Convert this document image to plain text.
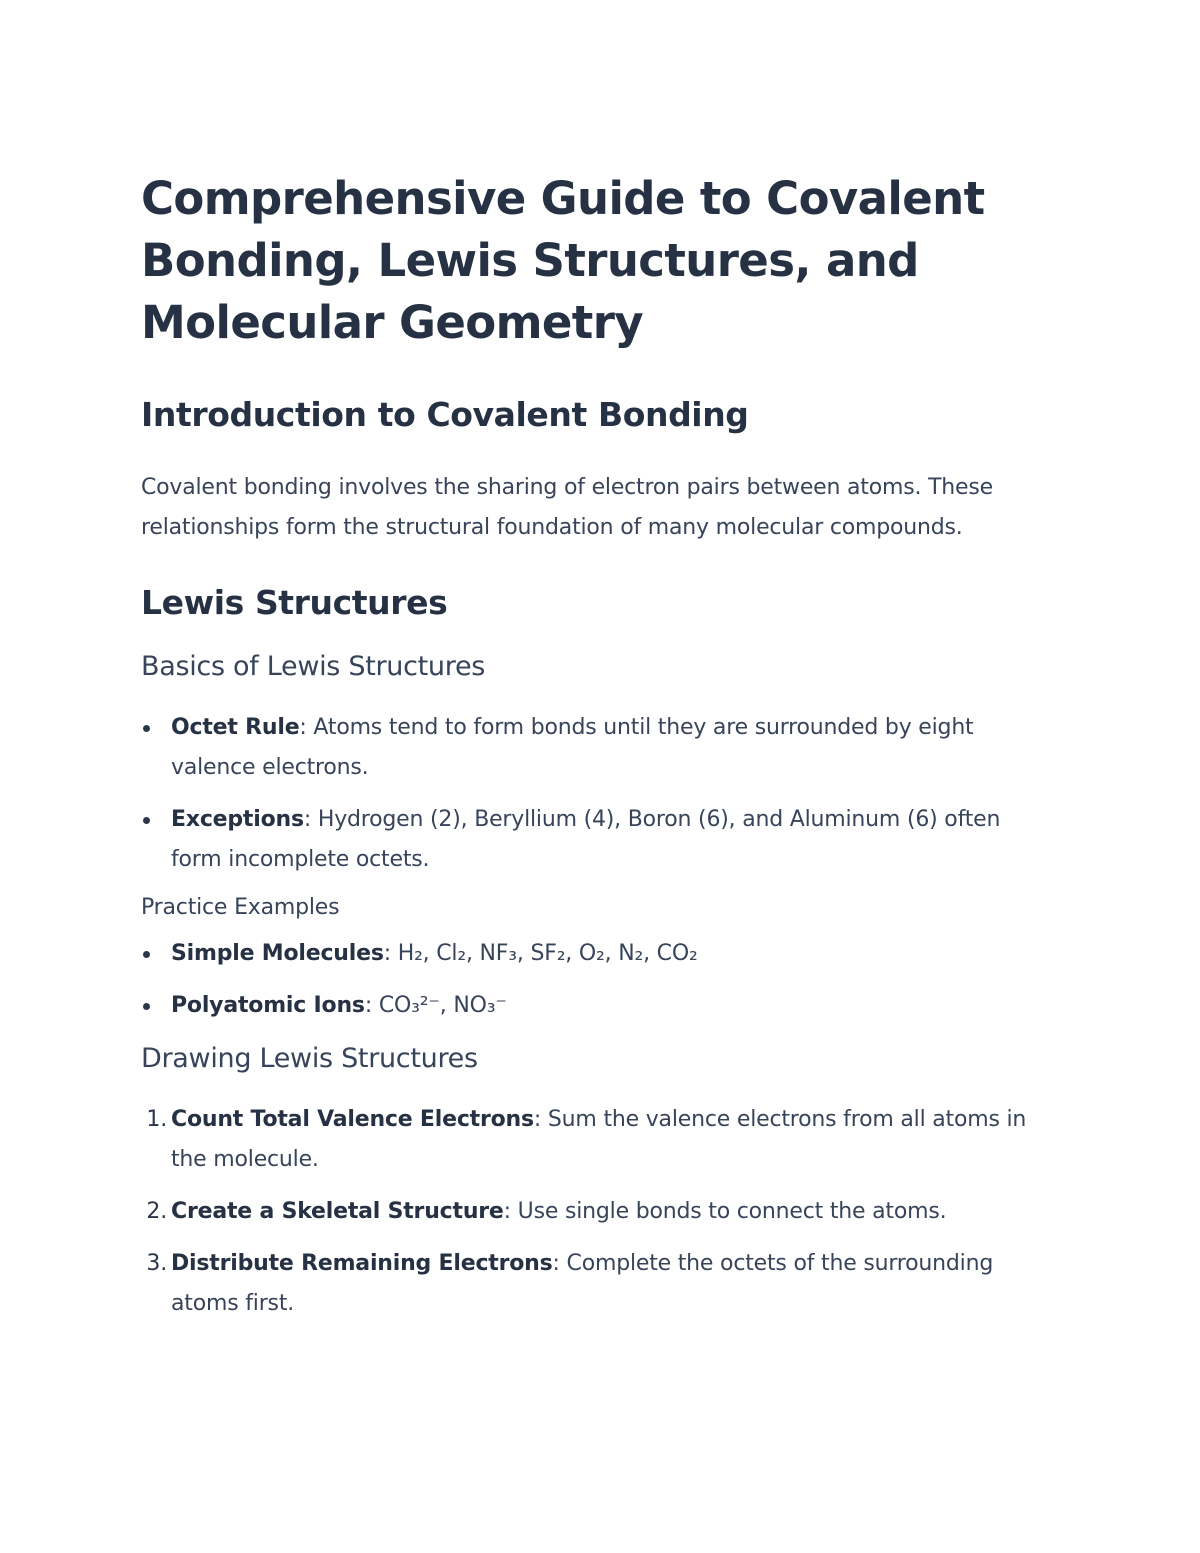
Comprehensive Guide to Covalent Bonding, Lewis Structures, and Molecular Geometry
Introduction to Covalent Bonding

Covalent bonding involves the sharing of electron pairs between atoms. These relationships form the structural foundation of many molecular compounds.

Lewis Structures
Basics of Lewis Structures
Octet Rule: Atoms tend to form bonds until they are surrounded by eight valence electrons.
Exceptions: Hydrogen (2), Beryllium (4), Boron (6), and Aluminum (6) often form incomplete octets.
Practice Examples
Simple Molecules: H₂, Cl₂, NF₃, SF₂, O₂, N₂, CO₂
Polyatomic Ions: CO₃²⁻, NO₃⁻
Drawing Lewis Structures
1. Count Total Valence Electrons: Sum the valence electrons from all atoms in the molecule.
2. Create a Skeletal Structure: Use single bonds to connect the atoms.
3. Distribute Remaining Electrons: Complete the octets of the surrounding atoms first.
